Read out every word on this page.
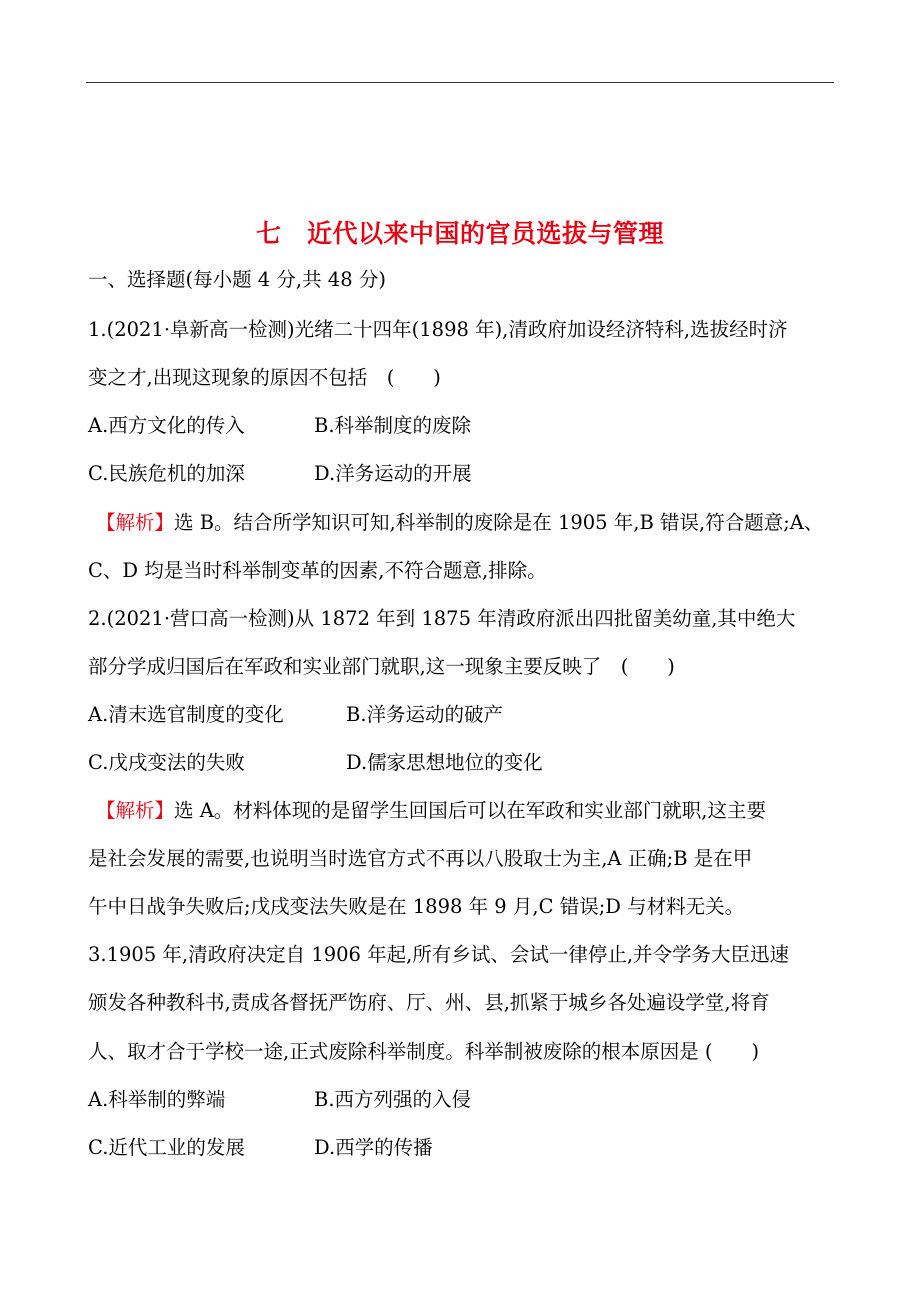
七　近代以来中国的官员选拔与管理
一、选择题(每小题 4 分,共 48 分)
1.(2021·阜新高一检测)光绪二十四年(1898 年),清政府加设经济特科,选拔经时济
变之才,出现这现象的原因不包括　(　　)
A.西方文化的传入	B.科举制度的废除
C.民族危机的加深	D.洋务运动的开展
【解析】选 B。结合所学知识可知,科举制的废除是在 1905 年,B 错误,符合题意;A、
C、D 均是当时科举制变革的因素,不符合题意,排除。
2.(2021·营口高一检测)从 1872 年到 1875 年清政府派出四批留美幼童,其中绝大
部分学成归国后在军政和实业部门就职,这一现象主要反映了　(　　)
A.清末选官制度的变化	B.洋务运动的破产
C.戊戌变法的失败	D.儒家思想地位的变化
【解析】选 A。材料体现的是留学生回国后可以在军政和实业部门就职,这主要
是社会发展的需要,也说明当时选官方式不再以八股取士为主,A 正确;B 是在甲
午中日战争失败后;戊戌变法失败是在 1898 年 9 月,C 错误;D 与材料无关。
3.1905 年,清政府决定自 1906 年起,所有乡试、会试一律停止,并令学务大臣迅速
颁发各种教科书,责成各督抚严饬府、厅、州、县,抓紧于城乡各处遍设学堂,将育
人、取才合于学校一途,正式废除科举制度。科举制被废除的根本原因是 (　　)
A.科举制的弊端	B.西方列强的入侵
C.近代工业的发展	D.西学的传播
